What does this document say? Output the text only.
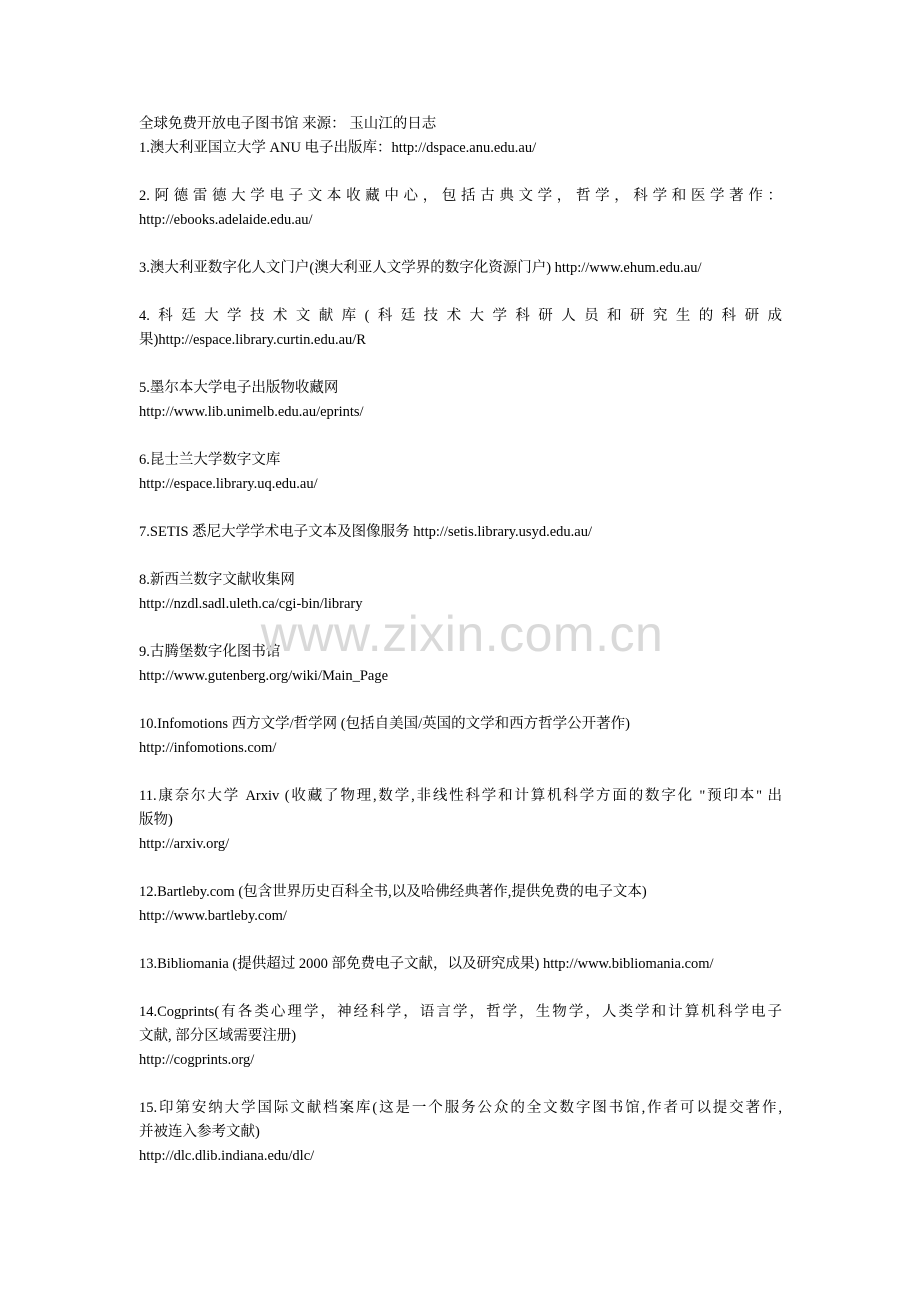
全球免费开放电子图书馆 来源： 玉山江的日志
1.澳大利亚国立大学 ANU 电子出版库：http://dspace.anu.edu.au/
2.阿德雷德大学电子文本收藏中心，包括古典文学，哲学，科学和医学著作：
http://ebooks.adelaide.edu.au/
3.澳大利亚数字化人文门户(澳大利亚人文学界的数字化资源门户) http://www.ehum.edu.au/
4.科廷大学技术文献库(科廷技术大学科研人员和研究生的科研成
果)http://espace.library.curtin.edu.au/R
5.墨尔本大学电子出版物收藏网
http://www.lib.unimelb.edu.au/eprints/
6.昆士兰大学数字文库
http://espace.library.uq.edu.au/
7.SETIS 悉尼大学学术电子文本及图像服务 http://setis.library.usyd.edu.au/
8.新西兰数字文献收集网
http://nzdl.sadl.uleth.ca/cgi-bin/library
9.古腾堡数字化图书馆
http://www.gutenberg.org/wiki/Main_Page
10.Infomotions 西方文学/哲学网 (包括自美国/英国的文学和西方哲学公开著作)
http://infomotions.com/
11.康奈尔大学 Arxiv (收藏了物理,数学,非线性科学和计算机科学方面的数字化 "预印本" 出
版物)
http://arxiv.org/
12.Bartleby.com (包含世界历史百科全书,以及哈佛经典著作,提供免费的电子文本)
http://www.bartleby.com/
13.Bibliomania (提供超过 2000 部免费电子文献，以及研究成果) http://www.bibliomania.com/
14.Cogprints(有各类心理学，神经科学，语言学，哲学，生物学，人类学和计算机科学电子
文献, 部分区域需要注册)
http://cogprints.org/
15.印第安纳大学国际文献档案库(这是一个服务公众的全文数字图书馆,作者可以提交著作,
并被连入参考文献)
http://dlc.dlib.indiana.edu/dlc/
www.zixin.com.cn
